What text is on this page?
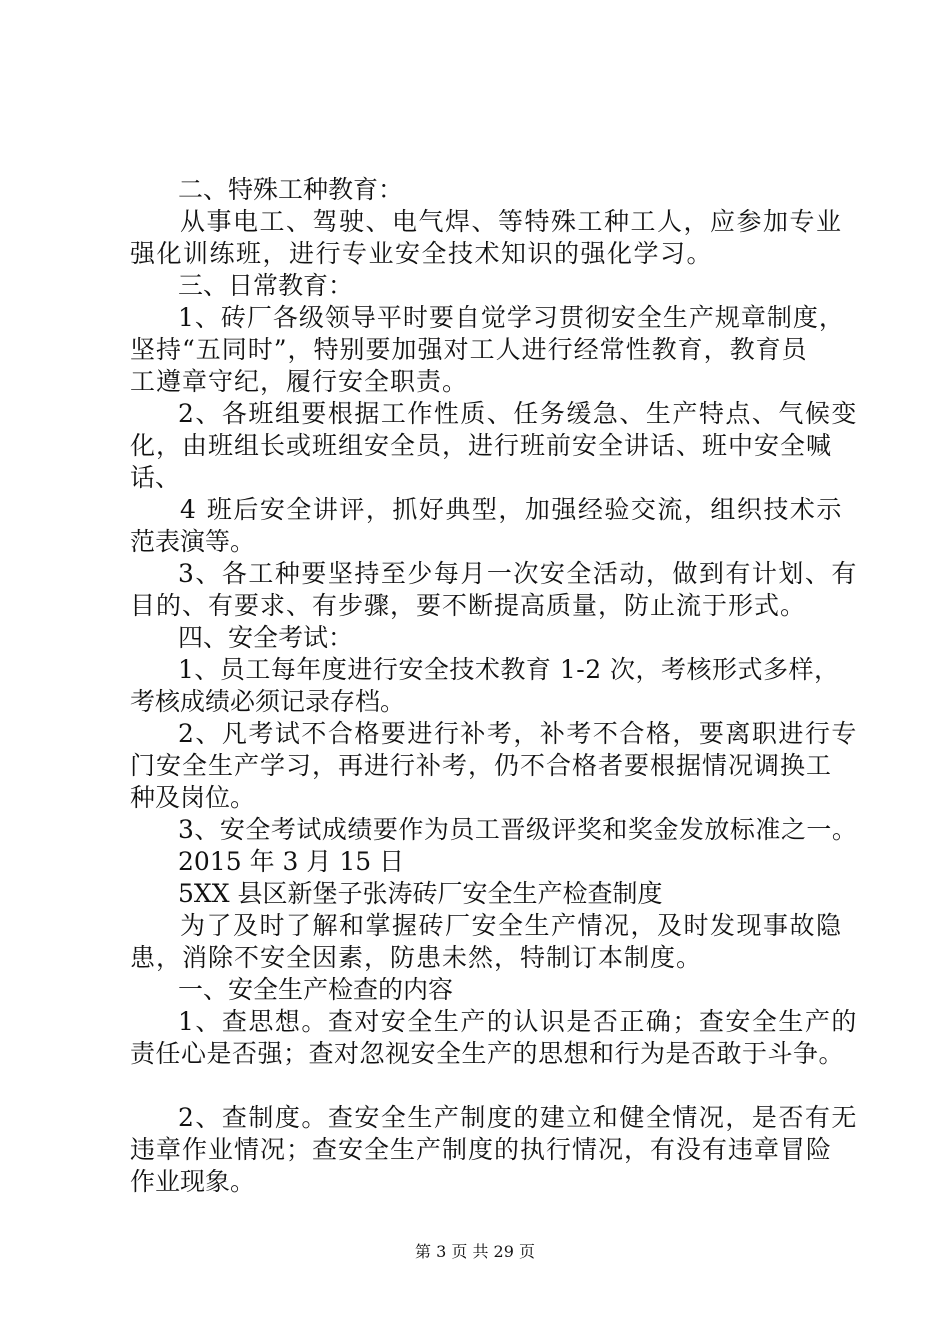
二、特殊工种教育：
从事电工、驾驶、电气焊、等特殊工种工人，应参加专业
强化训练班，进行专业安全技术知识的强化学习。
三、日常教育：
1、砖厂各级领导平时要自觉学习贯彻安全生产规章制度，
坚持“五同时”，特别要加强对工人进行经常性教育，教育员
工遵章守纪，履行安全职责。
2、各班组要根据工作性质、任务缓急、生产特点、气候变
化，由班组长或班组安全员，进行班前安全讲话、班中安全喊
话、
4 班后安全讲评，抓好典型，加强经验交流，组织技术示
范表演等。
3、各工种要坚持至少每月一次安全活动，做到有计划、有
目的、有要求、有步骤，要不断提高质量，防止流于形式。
四、安全考试：
1、员工每年度进行安全技术教育 1-2 次，考核形式多样，
考核成绩必须记录存档。
2、凡考试不合格要进行补考，补考不合格，要离职进行专
门安全生产学习，再进行补考，仍不合格者要根据情况调换工
种及岗位。
3、安全考试成绩要作为员工晋级评奖和奖金发放标准之一。
2015 年 3 月 15 日
5XX 县区新堡子张涛砖厂安全生产检查制度
为了及时了解和掌握砖厂安全生产情况，及时发现事故隐
患，消除不安全因素，防患未然，特制订本制度。
一、安全生产检查的内容
1、查思想。查对安全生产的认识是否正确；查安全生产的
责任心是否强；查对忽视安全生产的思想和行为是否敢于斗争。
2、查制度。查安全生产制度的建立和健全情况，是否有无
违章作业情况；查安全生产制度的执行情况，有没有违章冒险
作业现象。
第 3 页 共 29 页
